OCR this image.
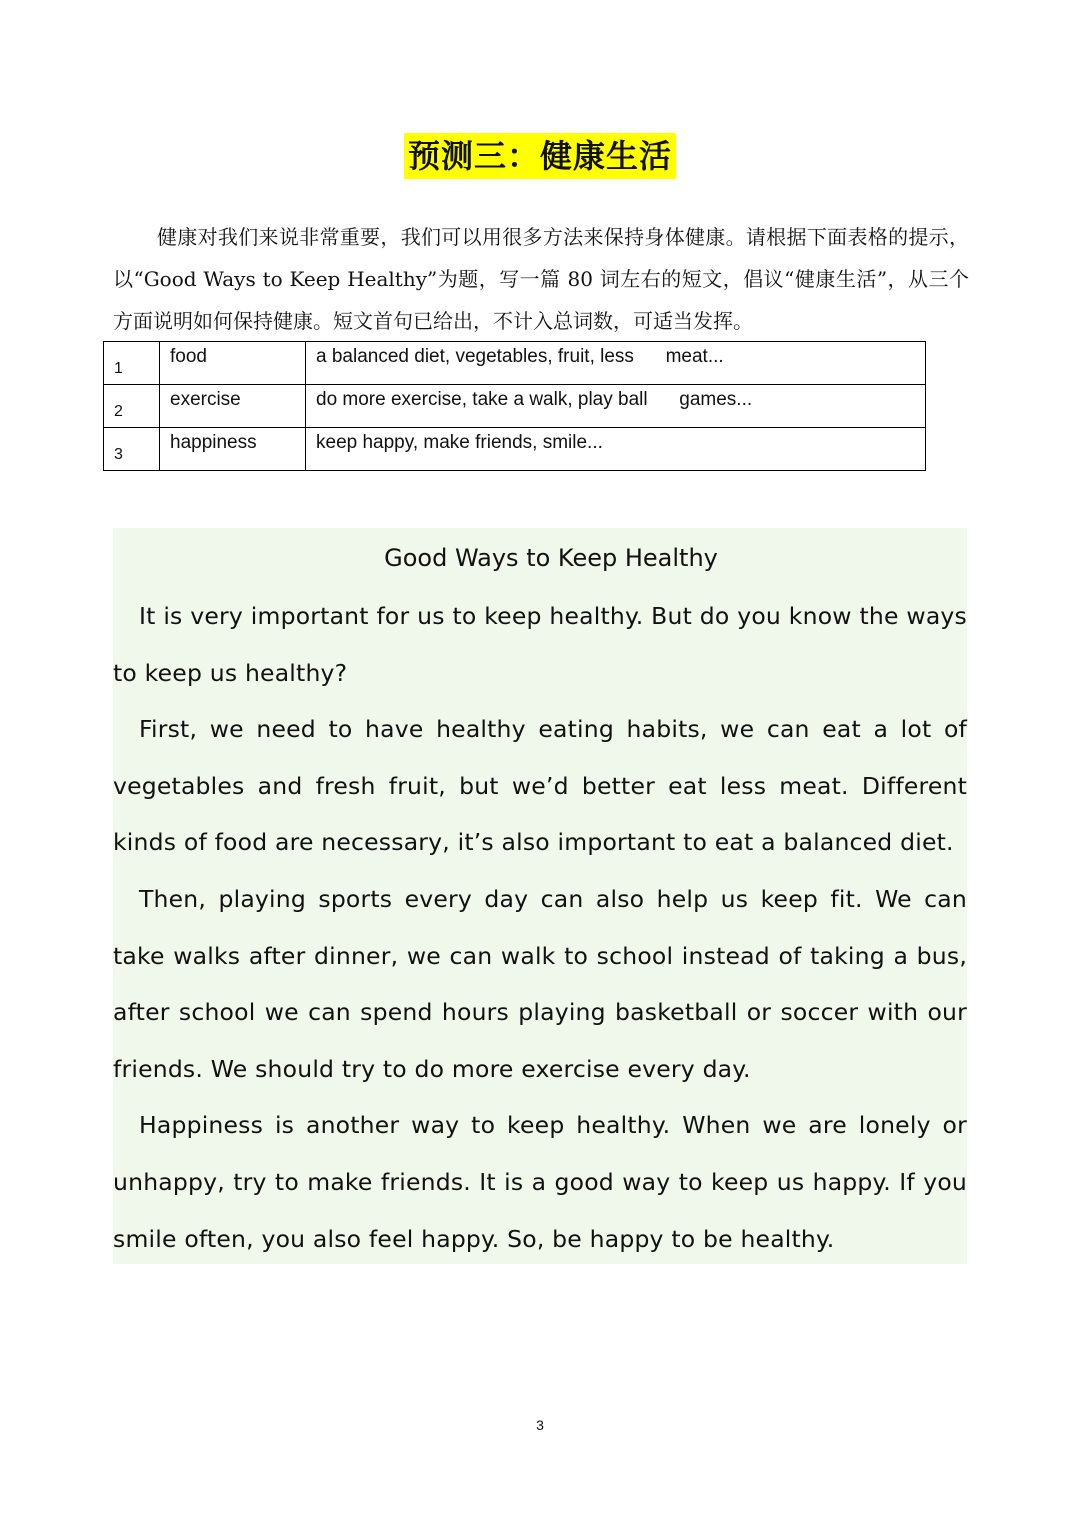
预测三：健康生活

健康对我们来说非常重要，我们可以用很多方法来保持身体健康。请根据下面表格的提示，以“Good Ways to Keep Healthy”为题，写一篇 80 词左右的短文，倡议“健康生活”，从三个方面说明如何保持健康。短文首句已给出，不计入总词数，可适当发挥。

1	food	a balanced diet, vegetables, fruit, less      meat...
2	exercise	do more exercise, take a walk, play ball      games...
3	happiness	keep happy, make friends, smile...
Good Ways to Keep Healthy

It is very important for us to keep healthy. But do you know the ways to keep us healthy?

First, we need to have healthy eating habits, we can eat a lot of vegetables and fresh fruit, but we’d better eat less meat. Different kinds of food are necessary, it’s also important to eat a balanced diet.

Then, playing sports every day can also help us keep fit. We can take walks after dinner, we can walk to school instead of taking a bus, after school we can spend hours playing basketball or soccer with our friends. We should try to do more exercise every day.

Happiness is another way to keep healthy. When we are lonely or unhappy, try to make friends. It is a good way to keep us happy. If you smile often, you also feel happy. So, be happy to be healthy.

3
